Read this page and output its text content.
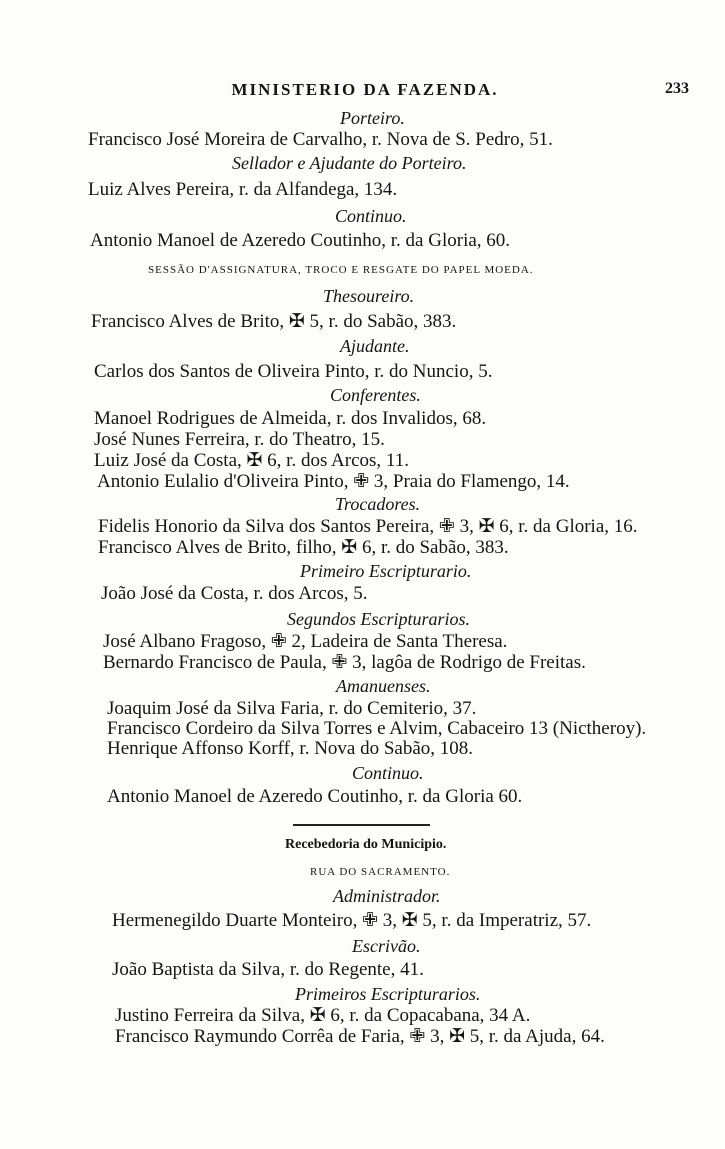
MINISTERIO DA FAZENDA.	233
Porteiro.
Francisco José Moreira de Carvalho, r. Nova de S. Pedro, 51.
Sellador e Ajudante do Porteiro.
Luiz Alves Pereira, r. da Alfandega, 134.
Continuo.
Antonio Manoel de Azeredo Coutinho, r. da Gloria, 60.
SESSÃO D'ASSIGNATURA, TROCO E RESGATE DO PAPEL MOEDA.
Thesoureiro.
Francisco Alves de Brito, ✠ 5, r. do Sabão, 383.
Ajudante.
Carlos dos Santos de Oliveira Pinto, r. do Nuncio, 5.
Conferentes.
Manoel Rodrigues de Almeida, r. dos Invalidos, 68.
José Nunes Ferreira, r. do Theatro, 15.
Luiz José da Costa, ✠ 6, r. dos Arcos, 11.
Antonio Eulalio d'Oliveira Pinto, ✙ 3, Praia do Flamengo, 14.
Trocadores.
Fidelis Honorio da Silva dos Santos Pereira, ✙ 3, ✠ 6, r. da Gloria, 16.
Francisco Alves de Brito, filho, ✠ 6, r. do Sabão, 383.
Primeiro Escripturario.
João José da Costa, r. dos Arcos, 5.
Segundos Escripturarios.
José Albano Fragoso, ✙ 2, Ladeira de Santa Theresa.
Bernardo Francisco de Paula, ✙ 3, lagôa de Rodrigo de Freitas.
Amanuenses.
Joaquim José da Silva Faria, r. do Cemiterio, 37.
Francisco Cordeiro da Silva Torres e Alvim, Cabaceiro 13 (Nictheroy).
Henrique Affonso Korff, r. Nova do Sabão, 108.
Continuo.
Antonio Manoel de Azeredo Coutinho, r. da Gloria 60.
Recebedoria do Municipio.
RUA DO SACRAMENTO.
Administrador.
Hermenegildo Duarte Monteiro, ✙ 3, ✠ 5, r. da Imperatriz, 57.
Escrivão.
João Baptista da Silva, r. do Regente, 41.
Primeiros Escripturarios.
Justino Ferreira da Silva, ✠ 6, r. da Copacabana, 34 A.
Francisco Raymundo Corrêa de Faria, ✙ 3, ✠ 5, r. da Ajuda, 64.
